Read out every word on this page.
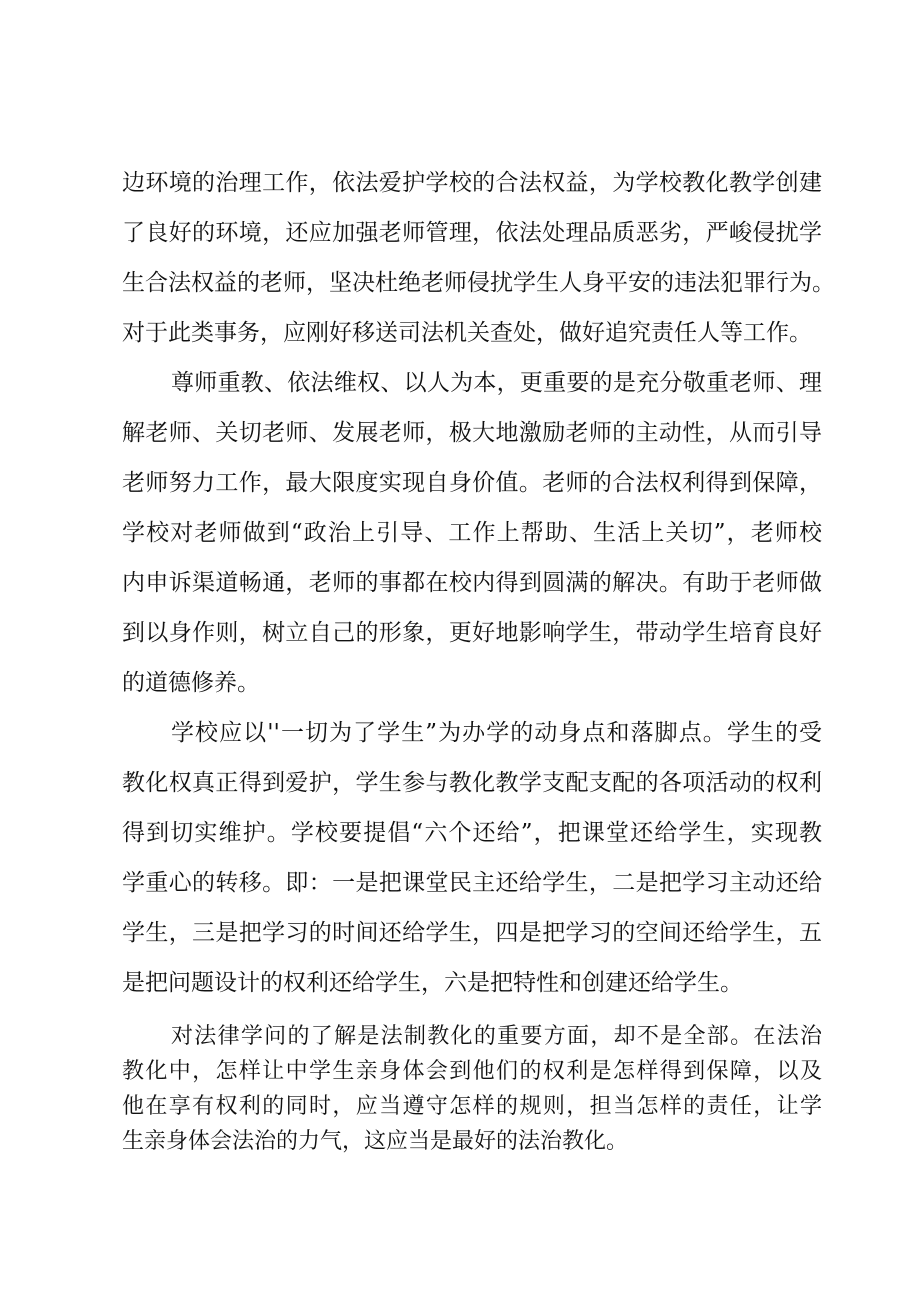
边环境的治理工作，依法爱护学校的合法权益，为学校教化教学创建
了良好的环境，还应加强老师管理，依法处理品质恶劣，严峻侵扰学
生合法权益的老师，坚决杜绝老师侵扰学生人身平安的违法犯罪行为。
对于此类事务，应刚好移送司法机关查处，做好追究责任人等工作。
尊师重教、依法维权、以人为本，更重要的是充分敬重老师、理
解老师、关切老师、发展老师，极大地激励老师的主动性，从而引导
老师努力工作，最大限度实现自身价值。老师的合法权利得到保障，
学校对老师做到“政治上引导、工作上帮助、生活上关切”，老师校
内申诉渠道畅通，老师的事都在校内得到圆满的解决。有助于老师做
到以身作则，树立自己的形象，更好地影响学生，带动学生培育良好
的道德修养。
学校应以''一切为了学生”为办学的动身点和落脚点。学生的受
教化权真正得到爱护，学生参与教化教学支配支配的各项活动的权利
得到切实维护。学校要提倡“六个还给”，把课堂还给学生，实现教
学重心的转移。即：一是把课堂民主还给学生，二是把学习主动还给
学生，三是把学习的时间还给学生，四是把学习的空间还给学生，五
是把问题设计的权利还给学生，六是把特性和创建还给学生。
对法律学问的了解是法制教化的重要方面，却不是全部。在法治
教化中，怎样让中学生亲身体会到他们的权利是怎样得到保障，以及
他在享有权利的同时，应当遵守怎样的规则，担当怎样的责任，让学
生亲身体会法治的力气，这应当是最好的法治教化。
